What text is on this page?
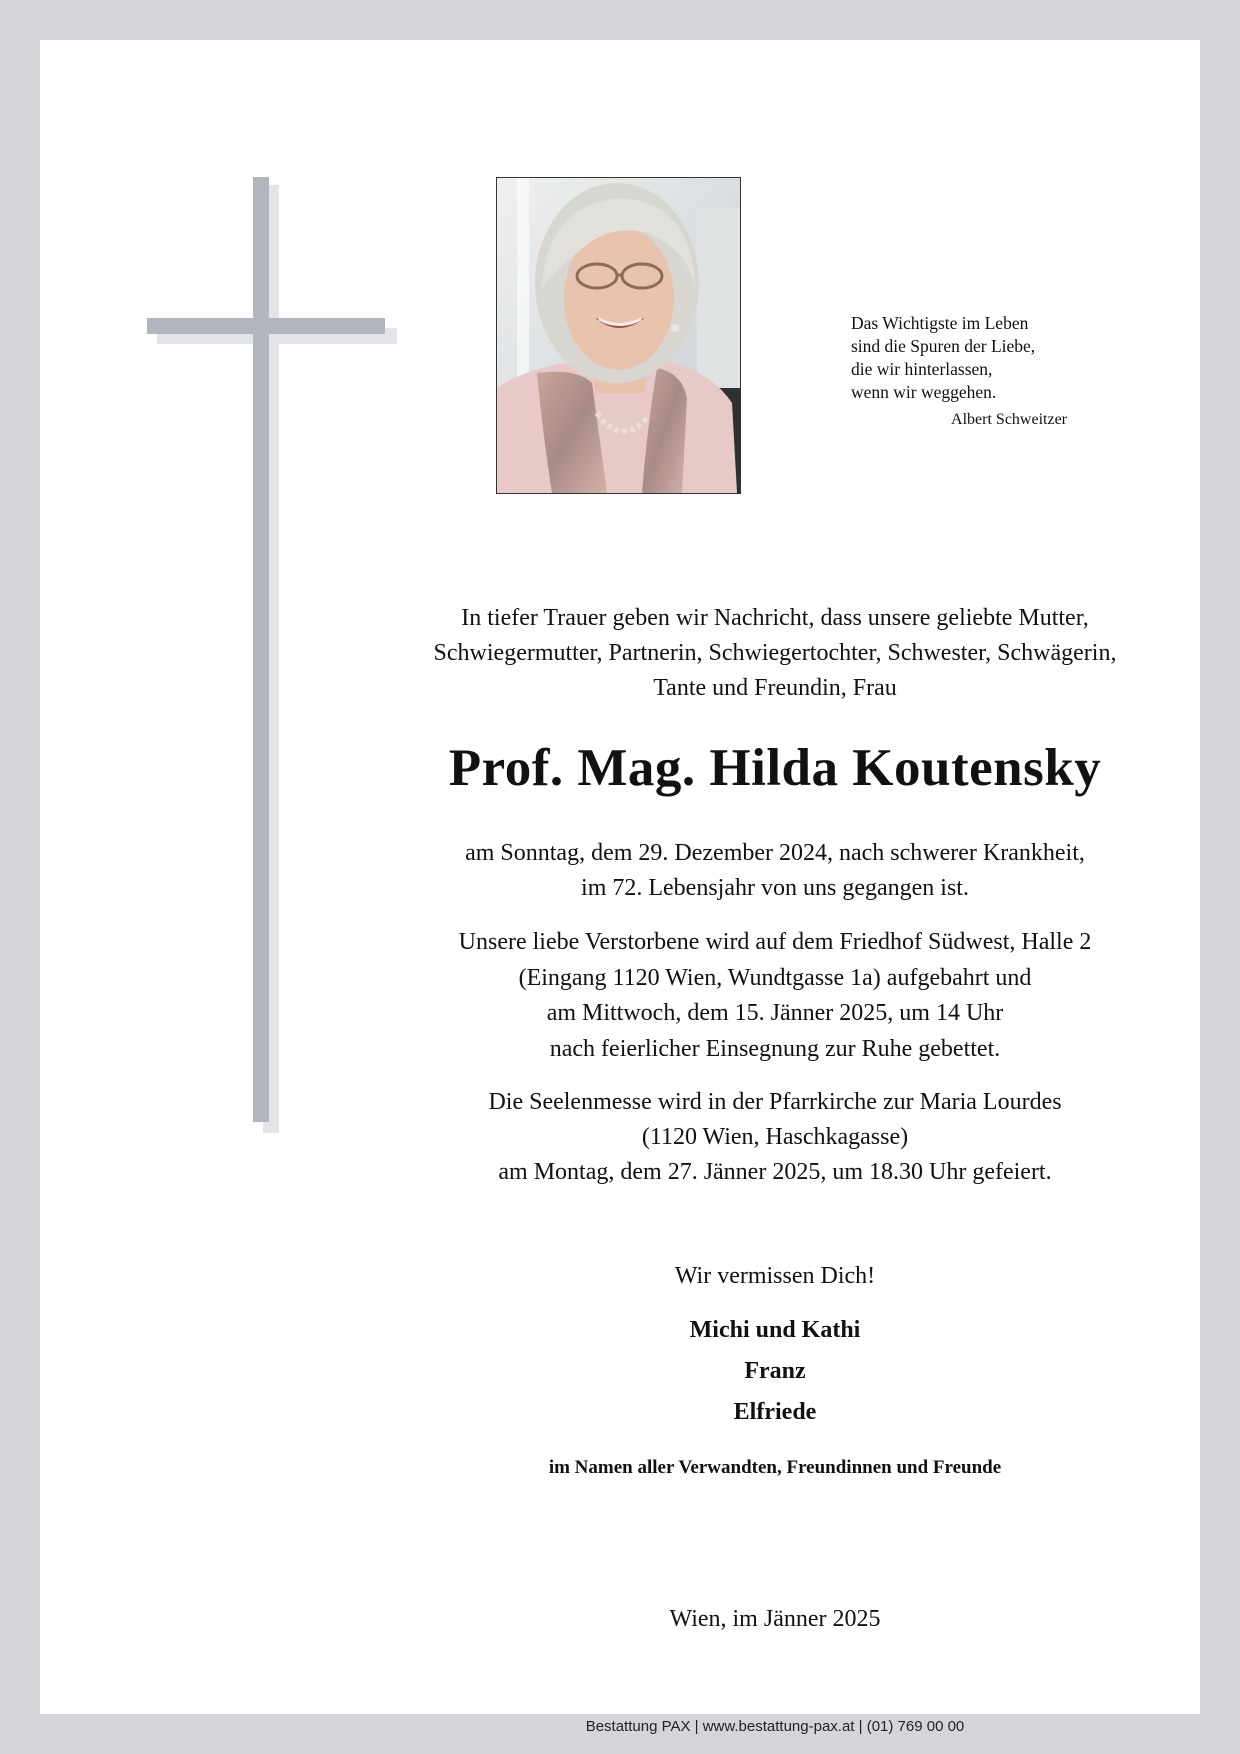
Das Wichtigste im Leben
sind die Spuren der Liebe,
die wir hinterlassen,
wenn wir weggehen.
Albert Schweitzer
In tiefer Trauer geben wir Nachricht, dass unsere geliebte Mutter,
Schwiegermutter, Partnerin, Schwiegertochter, Schwester, Schwägerin,
Tante und Freundin, Frau
Prof. Mag. Hilda Koutensky
am Sonntag, dem 29. Dezember 2024, nach schwerer Krankheit,
im 72. Lebensjahr von uns gegangen ist.
Unsere liebe Verstorbene wird auf dem Friedhof Südwest, Halle 2
(Eingang 1120 Wien, Wundtgasse 1a) aufgebahrt und
am Mittwoch, dem 15. Jänner 2025, um 14 Uhr
nach feierlicher Einsegnung zur Ruhe gebettet.
Die Seelenmesse wird in der Pfarrkirche zur Maria Lourdes
(1120 Wien, Haschkagasse)
am Montag, dem 27. Jänner 2025, um 18.30 Uhr gefeiert.
Wir vermissen Dich!
Michi und Kathi
Franz
Elfriede
im Namen aller Verwandten, Freundinnen und Freunde
Wien, im Jänner 2025
Bestattung PAX | www.bestattung-pax.at | (01) 769 00 00
